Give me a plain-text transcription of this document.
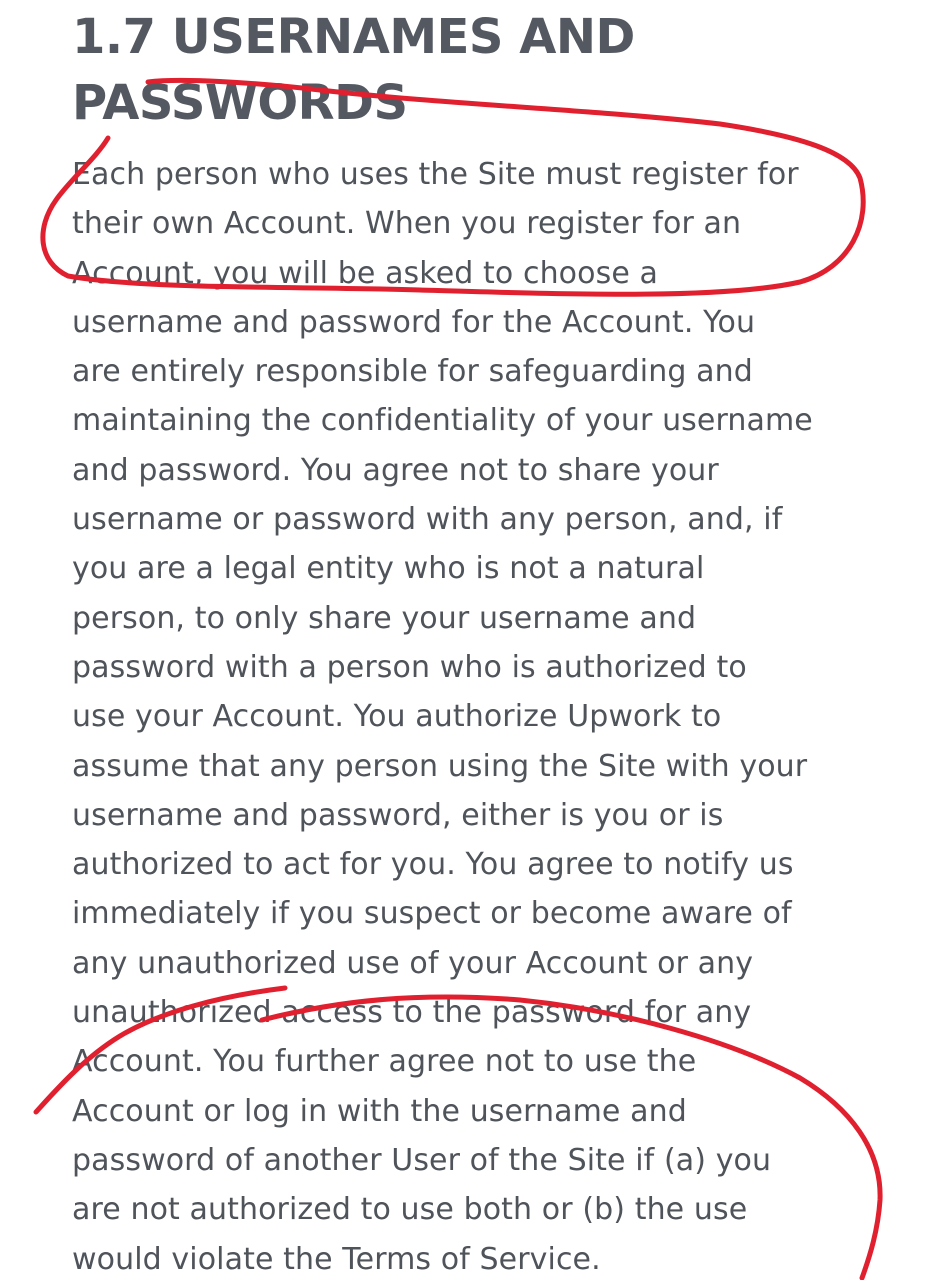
1.7 USERNAMES AND
PASSWORDS
Each person who uses the Site must register for
their own Account. When you register for an
Account, you will be asked to choose a
username and password for the Account. You
are entirely responsible for safeguarding and
maintaining the confidentiality of your username
and password. You agree not to share your
username or password with any person, and, if
you are a legal entity who is not a natural
person, to only share your username and
password with a person who is authorized to
use your Account. You authorize Upwork to
assume that any person using the Site with your
username and password, either is you or is
authorized to act for you. You agree to notify us
immediately if you suspect or become aware of
any unauthorized use of your Account or any
unauthorized access to the password for any
Account. You further agree not to use the
Account or log in with the username and
password of another User of the Site if (a) you
are not authorized to use both or (b) the use
would violate the Terms of Service.
